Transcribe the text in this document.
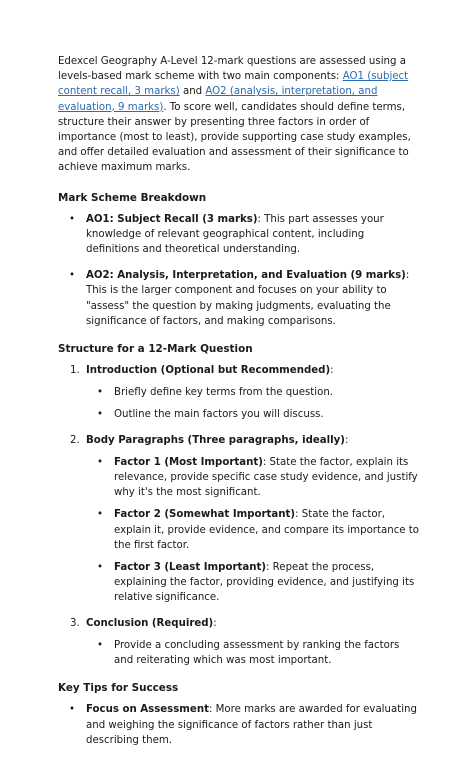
Edexcel Geography A-Level 12-mark questions are assessed using a levels-based mark scheme with two main components: AO1 (subject content recall, 3 marks) and AO2 (analysis, interpretation, and evaluation, 9 marks). To score well, candidates should define terms, structure their answer by presenting three factors in order of importance (most to least), provide supporting case study examples, and offer detailed evaluation and assessment of their significance to achieve maximum marks.

Mark Scheme Breakdown
• AO1: Subject Recall (3 marks): This part assesses your knowledge of relevant geographical content, including definitions and theoretical understanding.
• AO2: Analysis, Interpretation, and Evaluation (9 marks): This is the larger component and focuses on your ability to "assess" the question by making judgments, evaluating the significance of factors, and making comparisons.
Structure for a 12-Mark Question
1. Introduction (Optional but Recommended):
• Briefly define key terms from the question.
• Outline the main factors you will discuss.
2. Body Paragraphs (Three paragraphs, ideally):
• Factor 1 (Most Important): State the factor, explain its relevance, provide specific case study evidence, and justify why it's the most significant.
• Factor 2 (Somewhat Important): State the factor, explain it, provide evidence, and compare its importance to the first factor.
• Factor 3 (Least Important): Repeat the process, explaining the factor, providing evidence, and justifying its relative significance.
3. Conclusion (Required):
• Provide a concluding assessment by ranking the factors and reiterating which was most important.
Key Tips for Success
• Focus on Assessment: More marks are awarded for evaluating and weighing the significance of factors rather than just describing them.
